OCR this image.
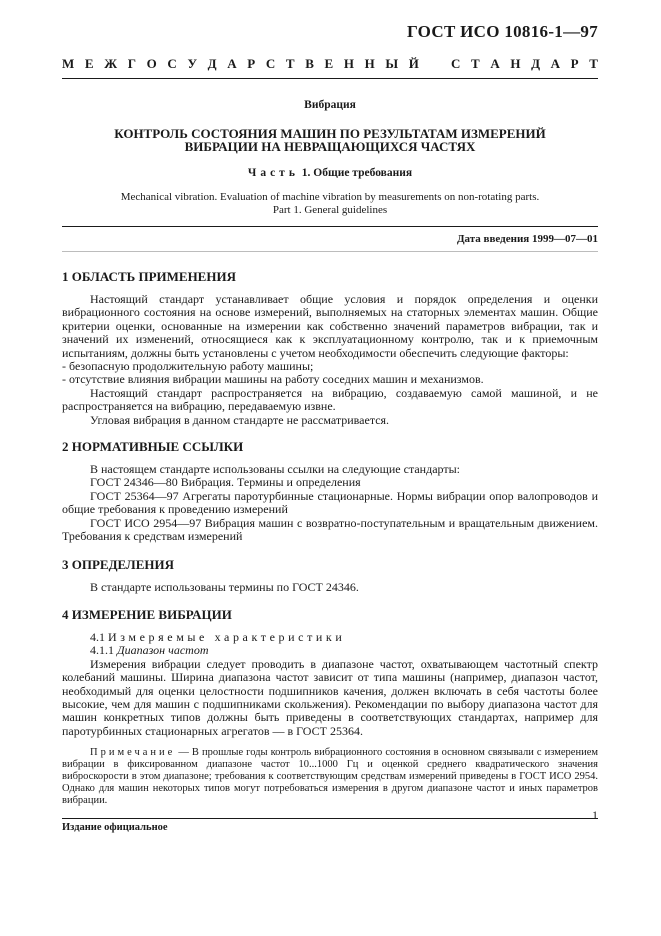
ГОСТ ИСО 10816-1—97
М Е Ж Г О С У Д А Р С Т В Е Н Н Ы Й С Т А Н Д А Р Т
Вибрация
КОНТРОЛЬ СОСТОЯНИЯ МАШИН ПО РЕЗУЛЬТАТАМ ИЗМЕРЕНИЙ
ВИБРАЦИИ НА НЕВРАЩАЮЩИХСЯ ЧАСТЯХ
Часть 1. Общие требования
Mechanical vibration. Evaluation of machine vibration by measurements on non-rotating parts.
Part 1. General guidelines
Дата введения 1999—07—01
1 ОБЛАСТЬ ПРИМЕНЕНИЯ

Настоящий стандарт устанавливает общие условия и порядок определения и оценки вибрационного состояния на основе измерений, выполняемых на статорных элементах машин. Общие критерии оценки, основанные на измерении как собственно значений параметров вибрации, так и значений их изменений, относящиеся как к эксплуатационному контролю, так и к приемочным испытаниям, должны быть установлены с учетом необходимости обеспечить следующие факторы:

- безопасную продолжительную работу машины;

- отсутствие влияния вибрации машины на работу соседних машин и механизмов.

Настоящий стандарт распространяется на вибрацию, создаваемую самой машиной, и не распространяется на вибрацию, передаваемую извне.

Угловая вибрация в данном стандарте не рассматривается.

2 НОРМАТИВНЫЕ ССЫЛКИ

В настоящем стандарте использованы ссылки на следующие стандарты:

ГОСТ 24346—80 Вибрация. Термины и определения

ГОСТ 25364—97 Агрегаты паротурбинные стационарные. Нормы вибрации опор валопроводов и общие требования к проведению измерений

ГОСТ ИСО 2954—97 Вибрация машин с возвратно-поступательным и вращательным движением. Требования к средствам измерений

3 ОПРЕДЕЛЕНИЯ

В стандарте использованы термины по ГОСТ 24346.

4 ИЗМЕРЕНИЕ ВИБРАЦИИ

4.1 Измеряемые характеристики

4.1.1 Диапазон частот

Измерения вибрации следует проводить в диапазоне частот, охватывающем частотный спектр колебаний машины. Ширина диапазона частот зависит от типа машины (например, диапазон частот, необходимый для оценки целостности подшипников качения, должен включать в себя частоты более высокие, чем для машин с подшипниками скольжения). Рекомендации по выбору диапазона частот для машин конкретных типов должны быть приведены в соответствующих стандартах, например для паротурбинных стационарных агрегатов — в ГОСТ 25364.

Примечание — В прошлые годы контроль вибрационного состояния в основном связывали с измерением вибрации в фиксированном диапазоне частот 10...1000 Гц и оценкой среднего квадратического значения виброскорости в этом диапазоне; требования к соответствующим средствам измерений приведены в ГОСТ ИСО 2954. Однако для машин некоторых типов могут потребоваться измерения в другом диапазоне частот и иных параметров вибрации.

Издание официальное
1
